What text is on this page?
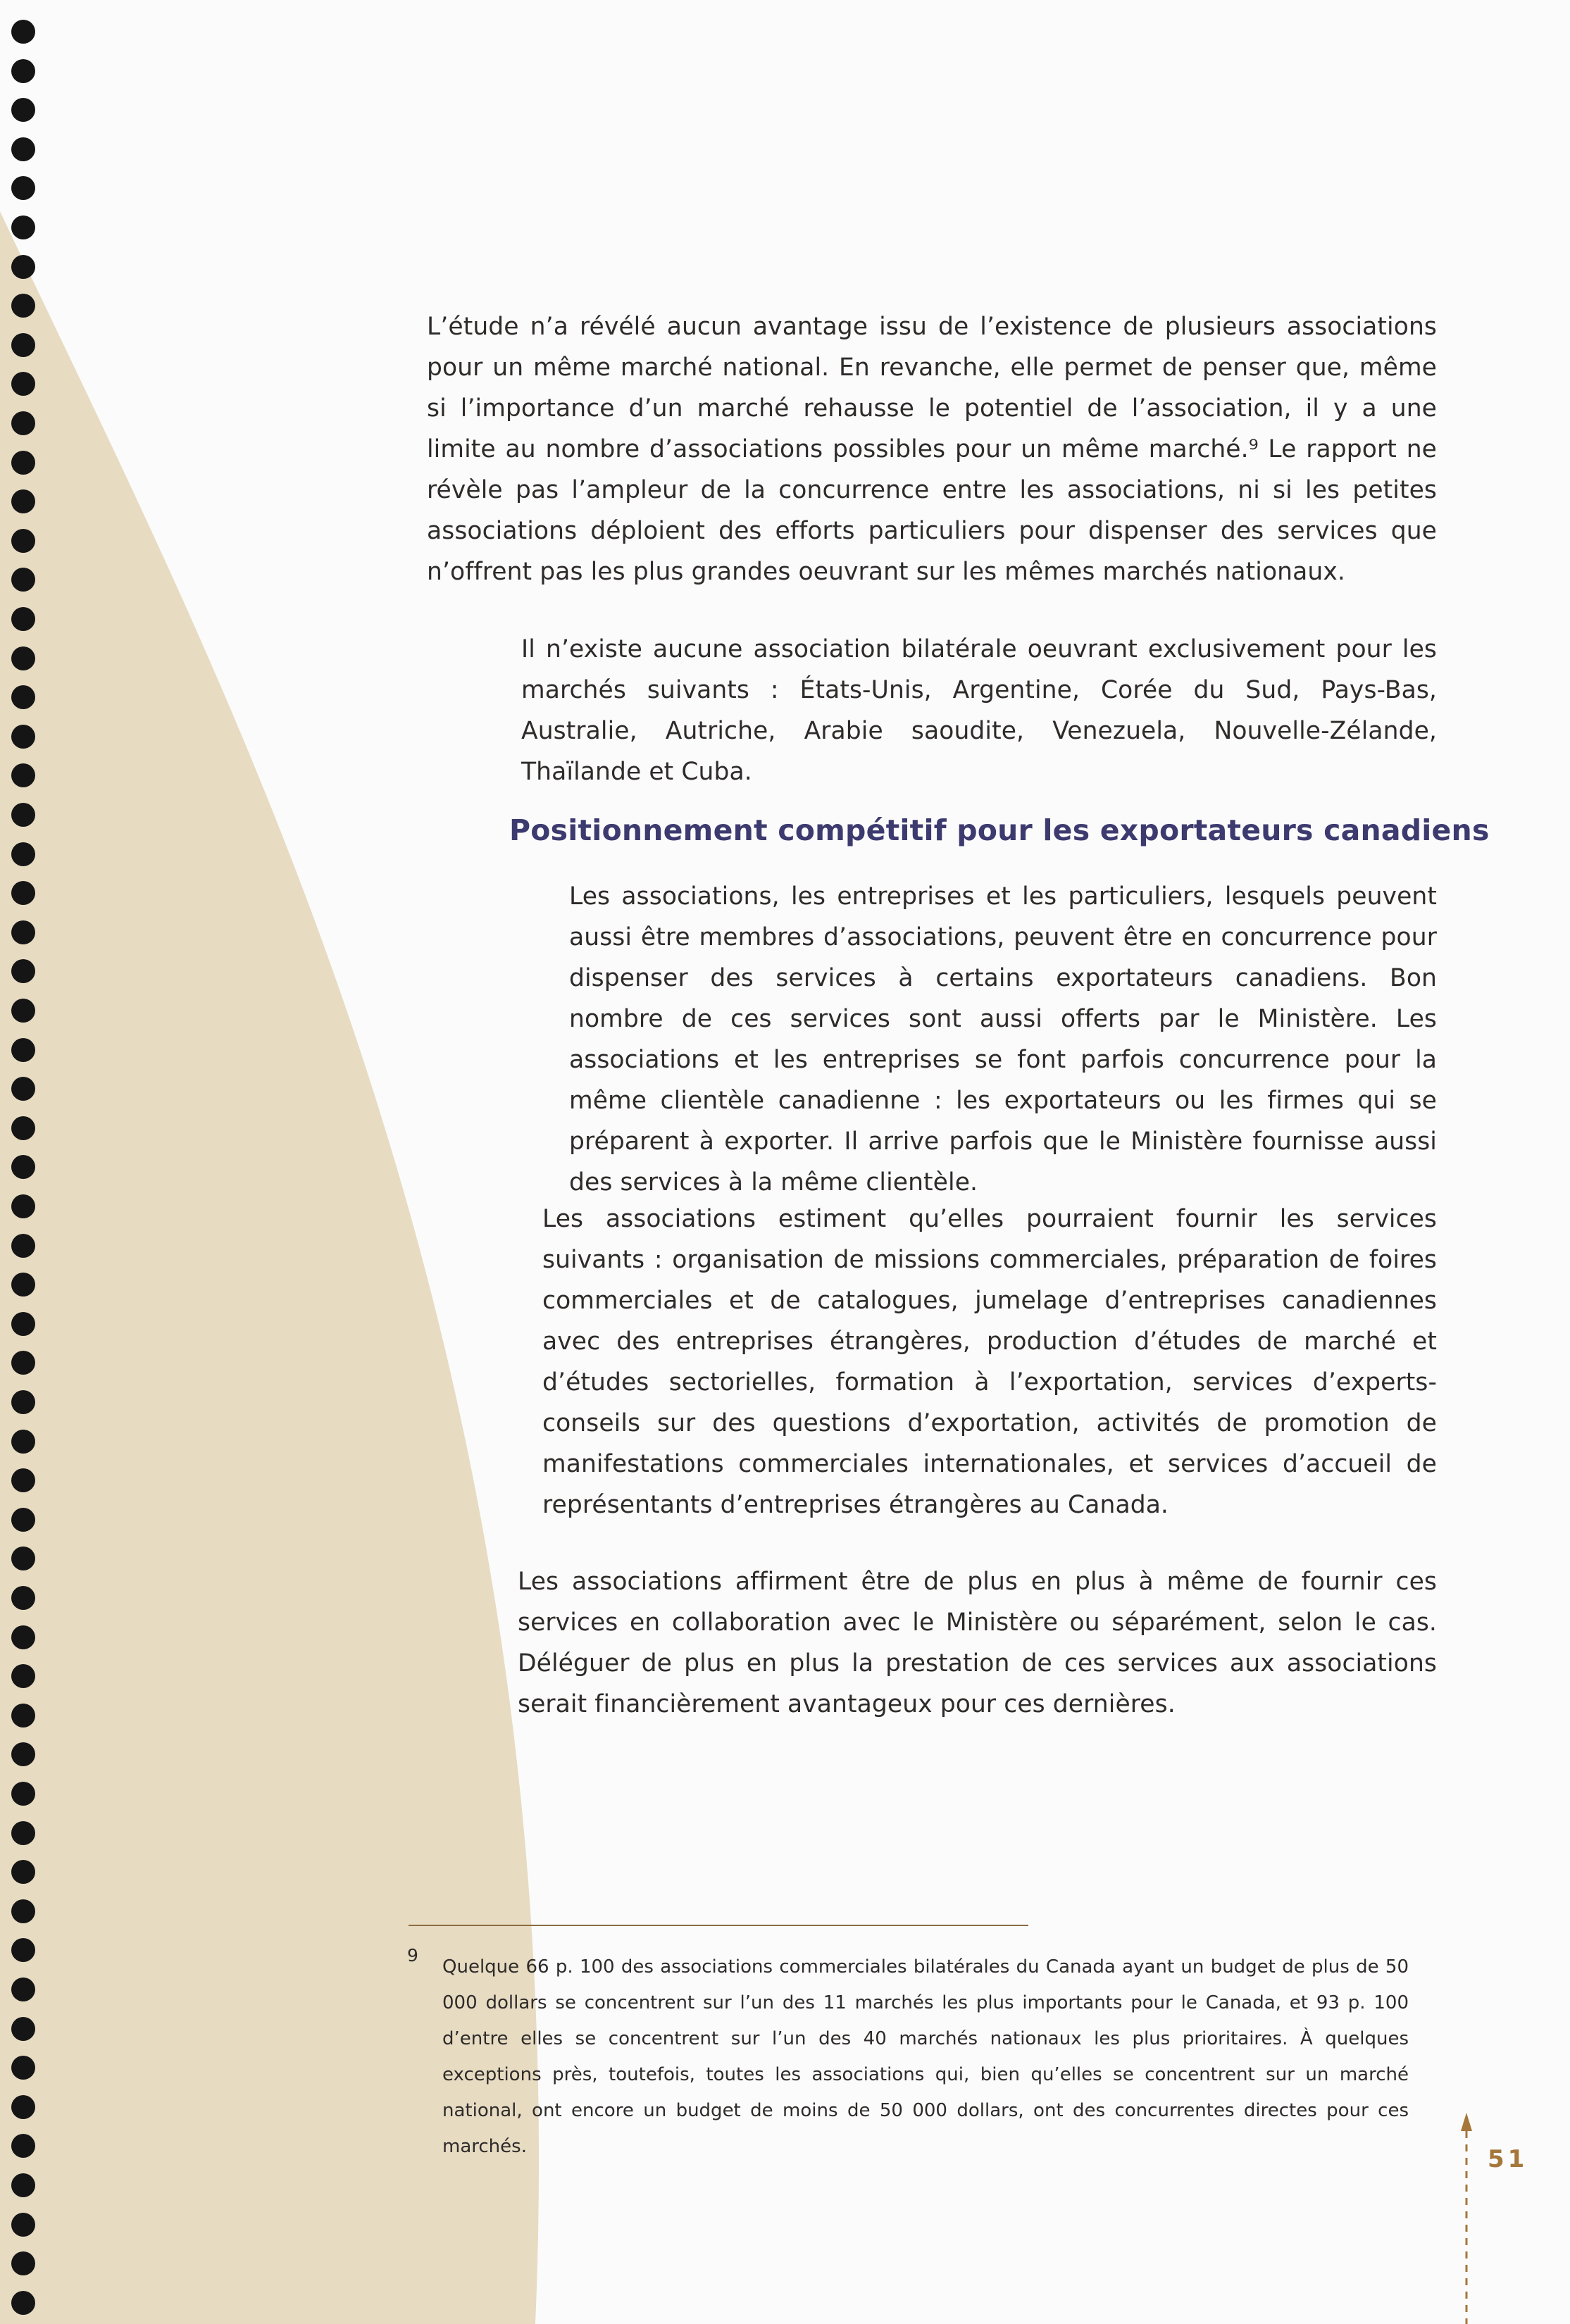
L’étude n’a révélé aucun avantage issu de l’existence de plusieurs associations pour un même marché national. En revanche, elle permet de penser que, même si l’importance d’un marché rehausse le potentiel de l’association, il y a une limite au nombre d’associations possibles pour un même marché.⁹ Le rapport ne révèle pas l’ampleur de la concurrence entre les associations, ni si les petites associations déploient des efforts particuliers pour dispenser des services que n’offrent pas les plus grandes oeuvrant sur les mêmes marchés nationaux.

Il n’existe aucune association bilatérale oeuvrant exclusivement pour les marchés suivants : États-Unis, Argentine, Corée du Sud, Pays-Bas, Australie, Autriche, Arabie saoudite, Venezuela, Nouvelle-Zélande, Thaïlande et Cuba.

Positionnement compétitif pour les exportateurs canadiens

Les associations, les entreprises et les particuliers, lesquels peuvent aussi être membres d’associations, peuvent être en concurrence pour dispenser des services à certains exportateurs canadiens. Bon nombre de ces services sont aussi offerts par le Ministère. Les associations et les entreprises se font parfois concurrence pour la même clientèle canadienne : les exportateurs ou les firmes qui se préparent à exporter. Il arrive parfois que le Ministère fournisse aussi des services à la même clientèle.

Les associations estiment qu’elles pourraient fournir les services suivants : organisation de missions commerciales, préparation de foires commerciales et de catalogues, jumelage d’entreprises canadiennes avec des entreprises étrangères, production d’études de marché et d’études sectorielles, formation à l’exportation, services d’experts-conseils sur des questions d’exportation, activités de promotion de manifestations commerciales internationales, et services d’accueil de représentants d’entreprises étrangères au Canada.

Les associations affirment être de plus en plus à même de fournir ces services en collaboration avec le Ministère ou séparément, selon le cas. Déléguer de plus en plus la prestation de ces services aux associations serait financièrement avantageux pour ces dernières.

9

Quelque 66 p. 100 des associations commerciales bilatérales du Canada ayant un budget de plus de 50 000 dollars se concentrent sur l’un des 11 marchés les plus importants pour le Canada, et 93 p. 100 d’entre elles se concentrent sur l’un des 40 marchés nationaux les plus prioritaires. À quelques exceptions près, toutefois, toutes les associations qui, bien qu’elles se concentrent sur un marché national, ont encore un budget de moins de 50 000 dollars, ont des concurrentes directes pour ces marchés.	51
